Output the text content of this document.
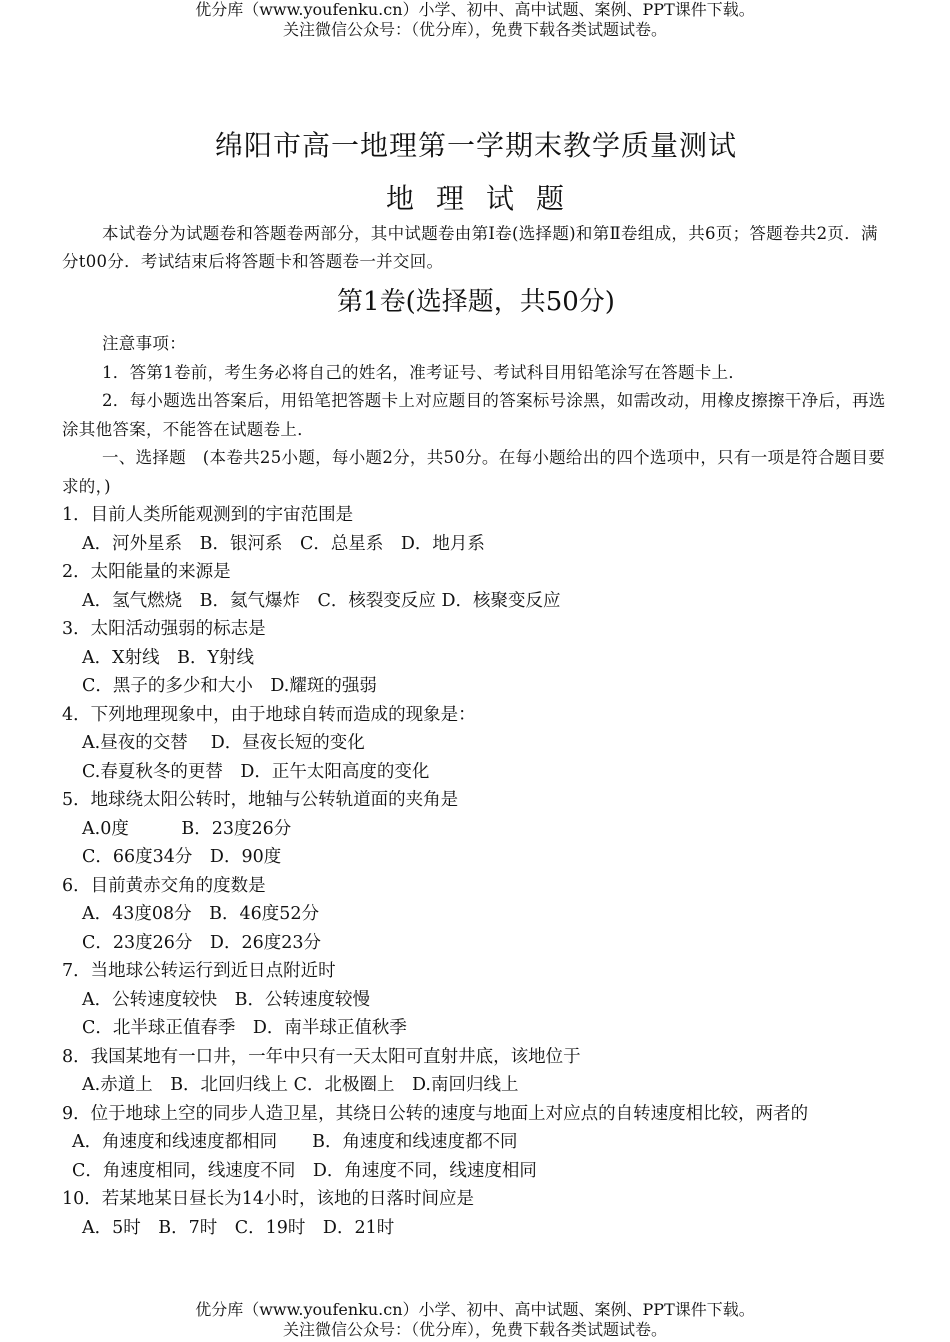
优分库（www.youfenku.cn）小学、初中、高中试题、案例、PPT课件下载。
关注微信公众号：（优分库），免费下载各类试题试卷。
绵阳市高一地理第一学期末教学质量测试
地理试题

本试卷分为试题卷和答题卷两部分，其中试题卷由第Ⅰ卷(选择题)和第Ⅱ卷组成，共6页；答题卷共2页．满分t00分．考试结束后将答题卡和答题卷一并交回。

第1卷(选择题，共50分)
注意事项：
1．答第1卷前，考生务必将自己的姓名，准考证号、考试科目用铅笔涂写在答题卡上．
2．每小题选出答案后，用铅笔把答题卡上对应题目的答案标号涂黑，如需改动，用橡皮擦擦干净后，再选涂其他答案，不能答在试题卷上．
一、选择题　(本卷共25小题，每小题2分，共50分。在每小题给出的四个选项中，只有一项是符合题目要求的，)
1．目前人类所能观测到的宇宙范围是
A．河外星系　B．银河系　C．总星系　D．地月系
2．太阳能量的来源是
A．氢气燃烧　B．氦气爆炸　C．核裂变反应 D．核聚变反应
3．太阳活动强弱的标志是
A．X射线　B．Y射线
C．黑子的多少和大小　D.耀斑的强弱
4．下列地理现象中，由于地球自转而造成的现象是：
A.昼夜的交替　 D．昼夜长短的变化
C.春夏秋冬的更替　D．正午太阳高度的变化
5．地球绕太阳公转时，地轴与公转轨道面的夹角是
A.0度　　　B．23度26分
C．66度34分　D．90度
6．目前黄赤交角的度数是
A．43度08分　B．46度52分
C．23度26分　D．26度23分
7．当地球公转运行到近日点附近时
A．公转速度较快　B．公转速度较慢
C．北半球正值春季　D．南半球正值秋季
8．我国某地有一口井，一年中只有一天太阳可直射井底，该地位于
A.赤道上　B．北回归线上 C．北极圈上　D.南回归线上
9．位于地球上空的同步人造卫星，其绕日公转的速度与地面上对应点的自转速度相比较，两者的
A．角速度和线速度都相同　　B．角速度和线速度都不同
C．角速度相同，线速度不同　D．角速度不同，线速度相同
10．若某地某日昼长为14小时，该地的日落时间应是
A．5时　B．7时　C．19时　D．21时
优分库（www.youfenku.cn）小学、初中、高中试题、案例、PPT课件下载。
关注微信公众号：（优分库），免费下载各类试题试卷。
